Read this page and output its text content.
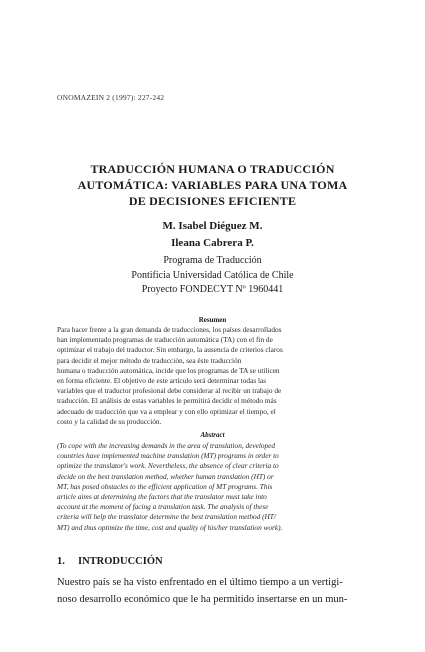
ONOMAZEIN 2 (1997): 227-242
TRADUCCIÓN HUMANA O TRADUCCIÓN
AUTOMÁTICA: VARIABLES PARA UNA TOMA
DE DECISIONES EFICIENTE
M. Isabel Diéguez M.
Ileana Cabrera P.
Programa de Traducción
Pontificia Universidad Católica de Chile
Proyecto FONDECYT Nº 1960441
Resumen
Para hacer frente a la gran demanda de traducciones, los países desarrollados
han implementado programas de traducción automática (TA) con el fin de
optimizar el trabajo del traductor. Sin embargo, la ausencia de criterios claros
para decidir el mejor método de traducción, sea éste traducción
humana o traducción automática, incide que los programas de TA se utilicen
en forma eficiente. El objetivo de este artículo será determinar todas las
variables que el traductor profesional debe considerar al recibir un trabajo de
traducción. El análisis de estas variables le permitirá decidir el método más
adecuado de traducción que va a emplear y con ello optimizar el tiempo, el
costo y la calidad de su producción.
Abstract
(To cope with the increasing demands in the area of translation, developed
countries have implemented machine translation (MT) programs in order to
optimize the translator's work. Nevertheless, the absence of clear criteria to
decide on the best translation method, whether human translation (HT) or
MT, has posed obstacles to the efficient application of MT programs. This
article aims at determining the factors that the translator must take into
account at the moment of facing a translation task. The analysis of these
criteria will help the translator determine the best translation method (HT/
MT) and thus optimize the time, cost and quality of his/her translation work).
1. INTRODUCCIÓN
Nuestro país se ha visto enfrentado en el último tiempo a un vertigi-
noso desarrollo económico que le ha permitido insertarse en un mun-
